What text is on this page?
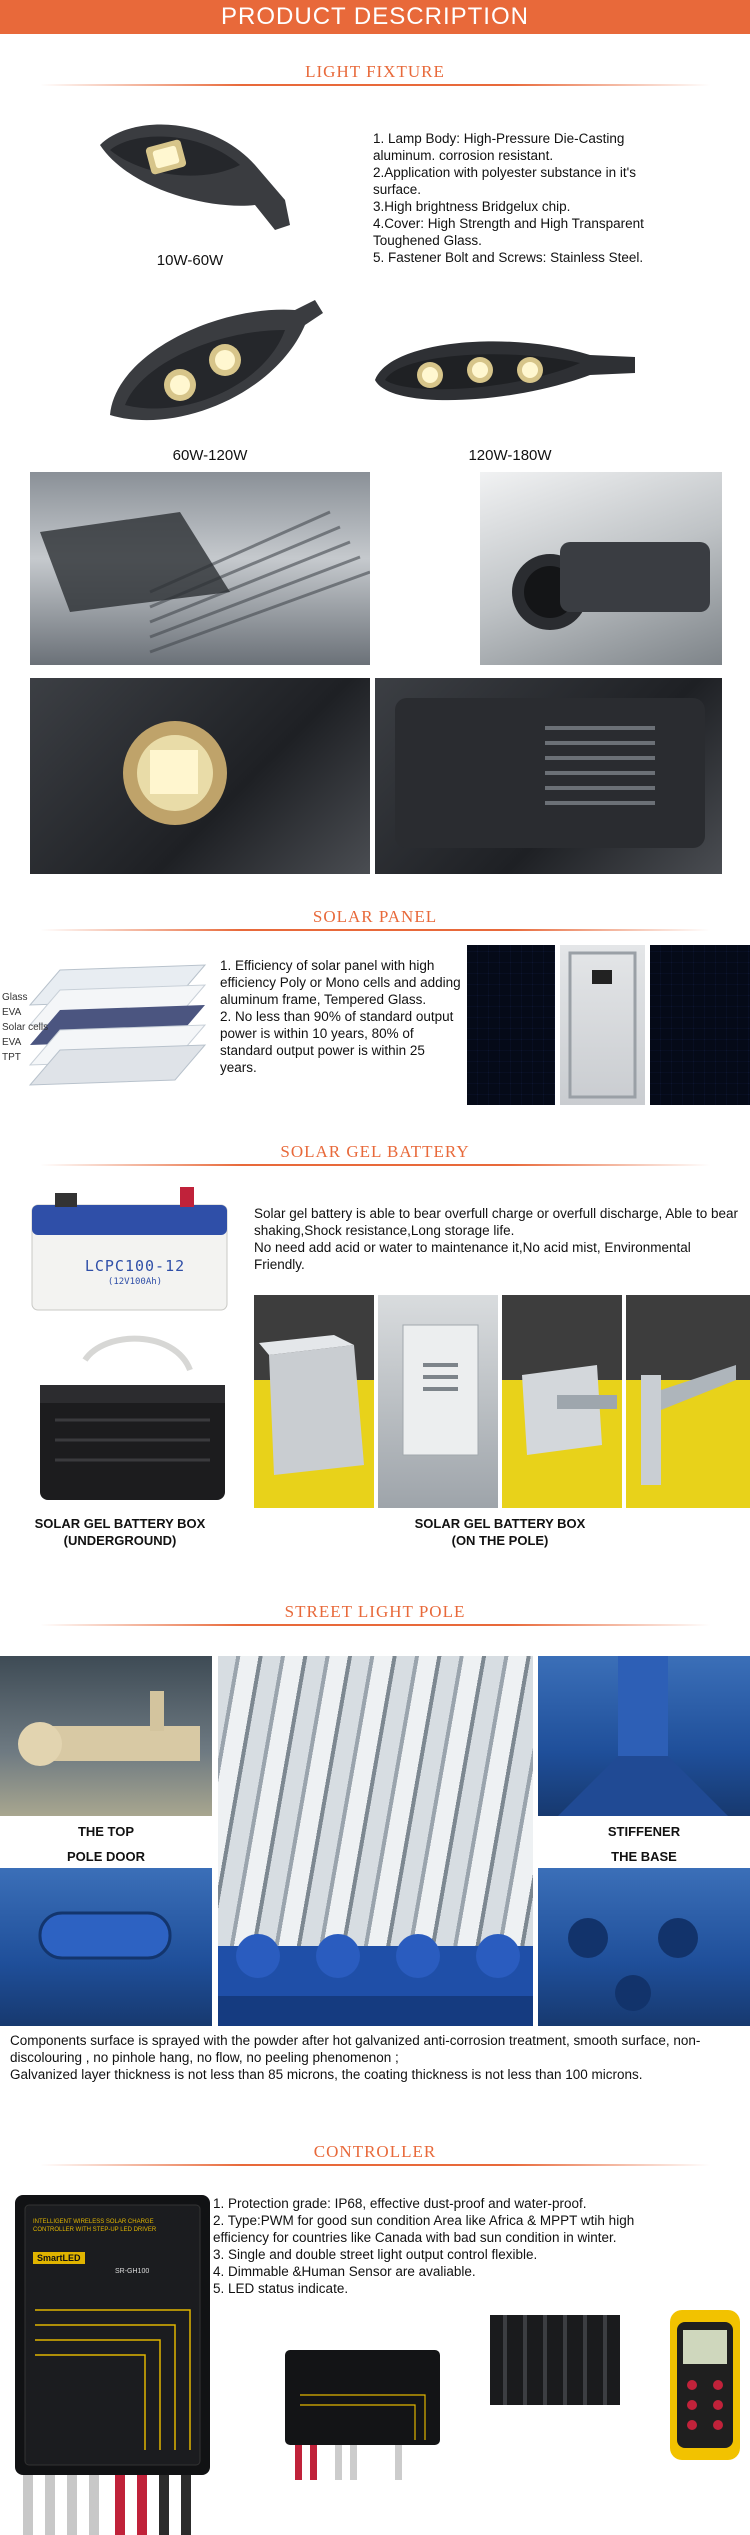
PRODUCT DESCRIPTION
LIGHT FIXTURE
10W-60W
1. Lamp Body: High-Pressure Die-Casting aluminum. corrosion resistant.
2.Application with polyester substance in it's surface.
3.High brightness Bridgelux chip.
4.Cover: High Strength and High Transparent Toughened Glass.
5. Fastener Bolt and Screws: Stainless Steel.
60W-120W	120W-180W
SOLAR PANEL
Glass
EVA
Solar cells
EVA
TPT
1. Efficiency of solar panel with high efficiency Poly or Mono cells and adding aluminum frame, Tempered Glass.
2. No less than 90% of standard output power is within 10 years, 80% of standard output power is within 25 years.
SOLAR GEL BATTERY
LCPC100-12
(12V100Ah)
SOLAR GEL BATTERY BOX
(UNDERGROUND)
Solar gel battery is able to bear overfull charge or overfull discharge, Able to bear shaking,Shock resistance,Long storage life.
No need add acid or water to maintenance it,No acid mist, Environmental Friendly.
SOLAR GEL BATTERY BOX
(ON THE POLE)
STREET LIGHT POLE
THE TOP	STIFFENER
POLE DOOR	THE BASE
Components surface is sprayed with the powder after hot galvanized anti-corrosion treatment, smooth surface, non-discolouring , no pinhole hang, no flow, no peeling phenomenon ;
Galvanized layer thickness is not less than 85 microns, the coating thickness is not less than 100 microns.
CONTROLLER
INTELLIGENT WIRELESS SOLAR CHARGE CONTROLLER WITH STEP-UP LED DRIVER
SmartLED
SR-GH100
1. Protection grade: IP68, effective dust-proof and water-proof.
2. Type:PWM for good sun condition Area like Africa & MPPT wtih high efficiency for countries like Canada with bad sun condition in winter.
3. Single and double street light output control flexible.
4. Dimmable &Human Sensor are avaliable.
5. LED status indicate.
